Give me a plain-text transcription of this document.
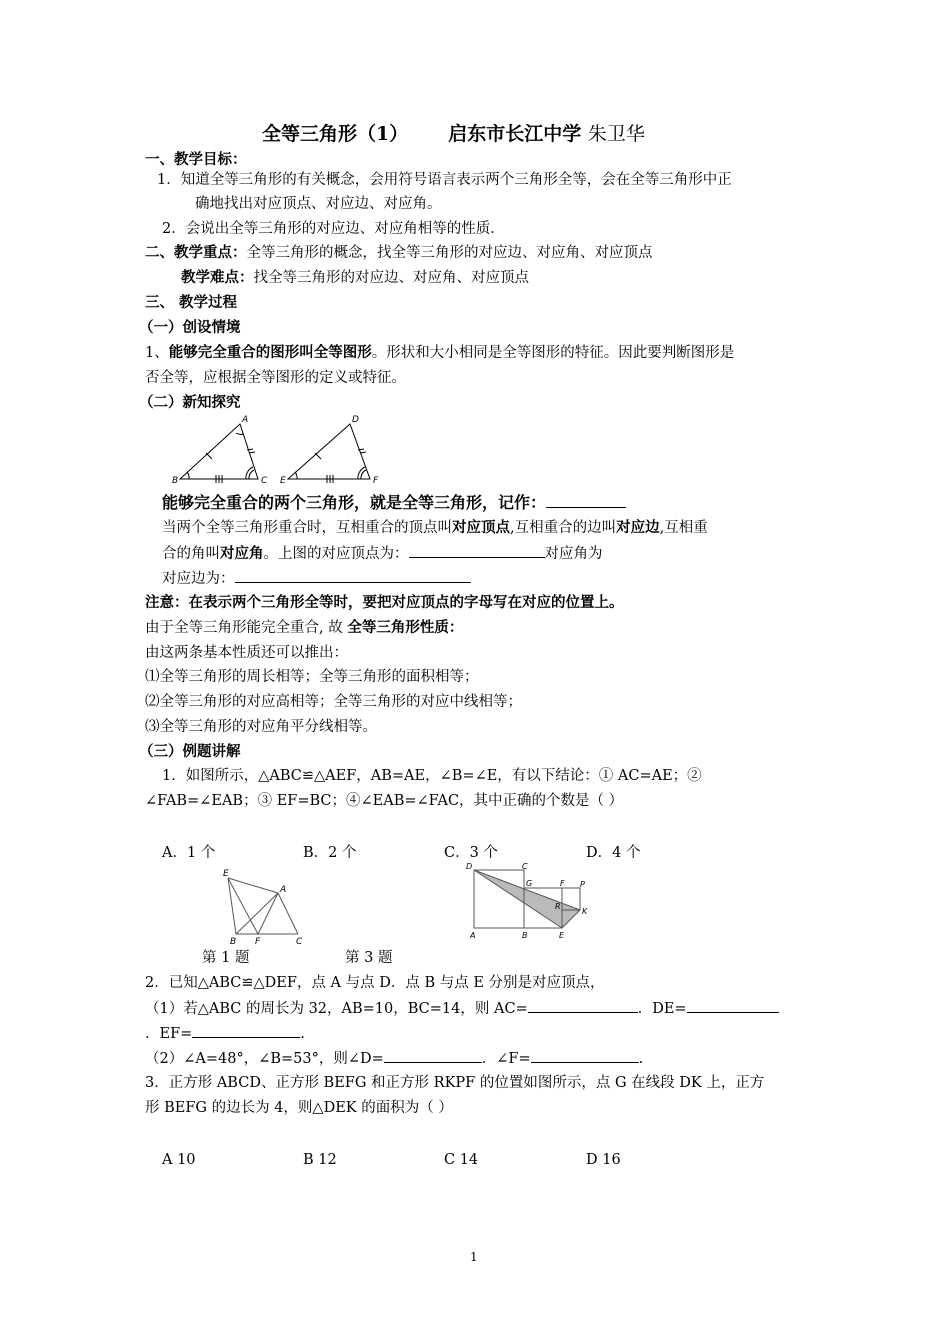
全等三角形（1） 启东市长江中学 朱卫华
一、教学目标：
1．知道全等三角形的有关概念，会用符号语言表示两个三角形全等，会在全等三角形中正
确地找出对应顶点、对应边、对应角。
2．会说出全等三角形的对应边、对应角相等的性质．
二、教学重点：全等三角形的概念，找全等三角形的对应边、对应角、对应顶点
教学难点：找全等三角形的对应边、对应角、对应顶点
三、 教学过程
（一）创设情境
1、能够完全重合的图形叫全等图形。形状和大小相同是全等图形的特征。因此要判断图形是
否全等，应根据全等图形的定义或特征。
（二）新知探究
A
B	C
D
E	F
能够完全重合的两个三角形，就是全等三角形，记作：
当两个全等三角形重合时，互相重合的顶点叫对应顶点,互相重合的边叫对应边,互相重
合的角叫对应角。上图的对应顶点为：	对应角为
对应边为：
注意：在表示两个三角形全等时，要把对应顶点的字母写在对应的位置上。
由于全等三角形能完全重合, 故 全等三角形性质：
由这两条基本性质还可以推出：
⑴全等三角形的周长相等；全等三角形的面积相等；
⑵全等三角形的对应高相等；全等三角形的对应中线相等；
⑶全等三角形的对应角平分线相等。
（三）例题讲解
1．如图所示，△ABC≌△AEF，AB=AE，∠B=∠E，有以下结论：① AC=AE；②
∠FAB=∠EAB；③ EF=BC；④∠EAB=∠FAC，其中正确的个数是（ ）
A．1 个	B．2 个	C．3 个	D．4 个
E
A
B F	C
D	C
G	F P
R
K
A	B	E
第 1 题	第 3 题
2．已知△ABC≌△DEF，点 A 与点 D．点 B 与点 E 分别是对应顶点，
（1）若△ABC 的周长为 32，AB=10，BC=14，则 AC=	．DE=
．EF=	.
（2）∠A=48°，∠B=53°，则∠D=	．∠F=	.
3．正方形 ABCD、正方形 BEFG 和正方形 RKPF 的位置如图所示，点 G 在线段 DK 上，正方
形 BEFG 的边长为 4，则△DEK 的面积为（ ）
A 10	B 12	C 14	D 16
1
